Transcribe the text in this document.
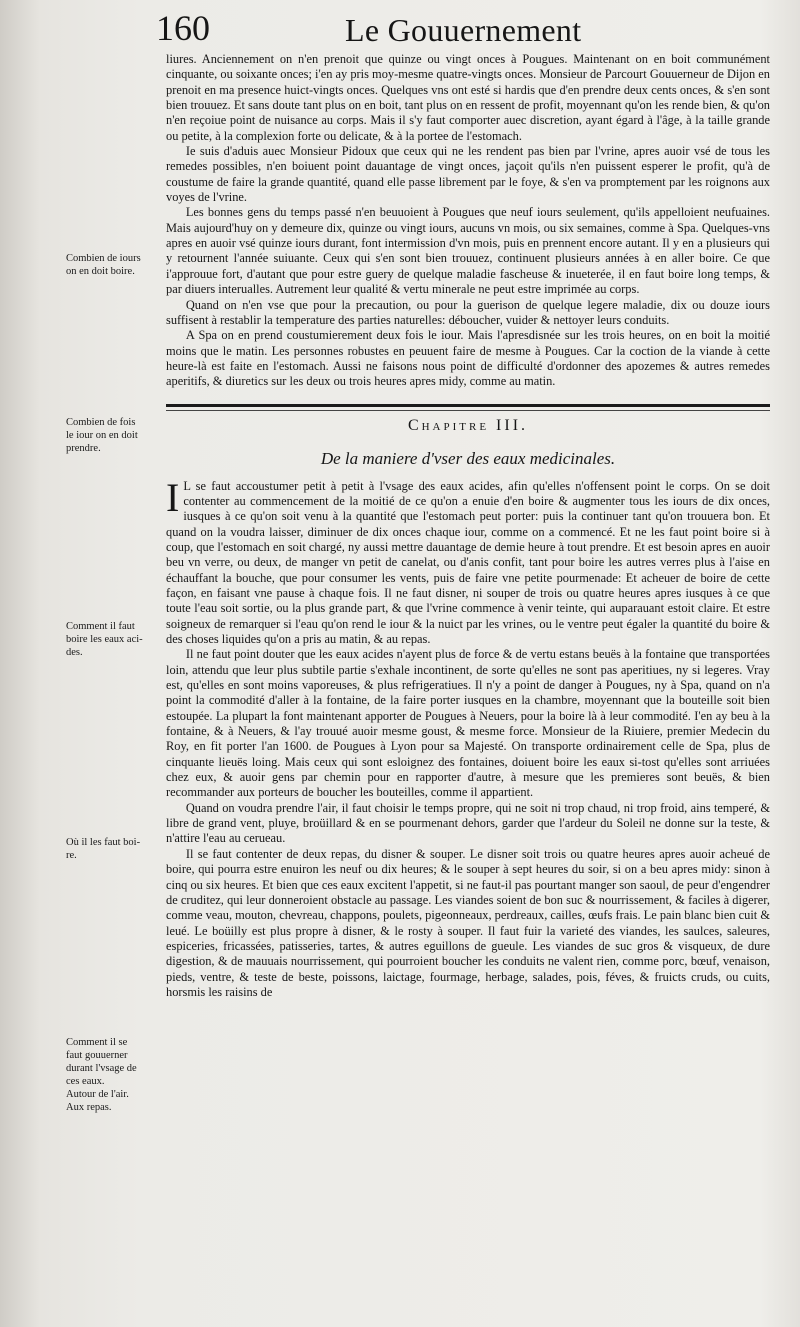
160	Le Gouuernement
Combien de iours
on en doit boire.
Combien de fois
le iour on en doit
prendre.
Comment il faut
boire les eaux aci-
des.
Où il les faut boi-
re.
Comment il se
faut gouuerner
durant l'vsage de
ces eaux.
Autour de l'air.
Aux repas.

liures. Anciennement on n'en prenoit que quinze ou vingt onces à Pougues. Maintenant on en boit communément cinquante, ou soixante onces; i'en ay pris moy-mesme quatre-vingts onces. Monsieur de Parcourt Gouuerneur de Dijon en prenoit en ma presence huict-vingts onces. Quelques vns ont esté si hardis que d'en prendre deux cents onces, & s'en sont bien trouuez. Et sans doute tant plus on en boit, tant plus on en ressent de profit, moyennant qu'on les rende bien, & qu'on n'en reçoiue point de nuisance au corps. Mais il s'y faut comporter auec discretion, ayant égard à l'âge, à la taille grande ou petite, à la complexion forte ou delicate, & à la portee de l'estomach.

Ie suis d'aduis auec Monsieur Pidoux que ceux qui ne les rendent pas bien par l'vrine, apres auoir vsé de tous les remedes possibles, n'en boiuent point dauantage de vingt onces, jaçoit qu'ils n'en puissent esperer le profit, qu'à de coustume de faire la grande quantité, quand elle passe librement par le foye, & s'en va promptement par les roignons aux voyes de l'vrine.

Les bonnes gens du temps passé n'en beuuoient à Pougues que neuf iours seulement, qu'ils appelloient neufuaines. Mais aujourd'huy on y demeure dix, quinze ou vingt iours, aucuns vn mois, ou six semaines, comme à Spa. Quelques-vns apres en auoir vsé quinze iours durant, font intermission d'vn mois, puis en prennent encore autant. Il y en a plusieurs qui y retournent l'année suiuante. Ceux qui s'en sont bien trouuez, continuent plusieurs années à en aller boire. Ce que i'approuue fort, d'autant que pour estre guery de quelque maladie fascheuse & inueterée, il en faut boire long temps, & par diuers interualles. Autrement leur qualité & vertu minerale ne peut estre imprimée au corps.

Quand on n'en vse que pour la precaution, ou pour la guerison de quelque legere maladie, dix ou douze iours suffisent à restablir la temperature des parties naturelles: déboucher, vuider & nettoyer leurs conduits.

A Spa on en prend coustumierement deux fois le iour. Mais l'apresdisnée sur les trois heures, on en boit la moitié moins que le matin. Les personnes robustes en peuuent faire de mesme à Pougues. Car la coction de la viande à cette heure-là est faite en l'estomach. Aussi ne faisons nous point de difficulté d'ordonner des apozemes & autres remedes aperitifs, & diuretics sur les deux ou trois heures apres midy, comme au matin.

Chapitre III.
De la maniere d'vser des eaux medicinales.

I L se faut accoustumer petit à petit à l'vsage des eaux acides, afin qu'elles n'offensent point le corps. On se doit contenter au commencement de la moitié de ce qu'on a enuie d'en boire & augmenter tous les iours de dix onces, iusques à ce qu'on soit venu à la quantité que l'estomach peut porter: puis la continuer tant qu'on trouuera bon. Et quand on la voudra laisser, diminuer de dix onces chaque iour, comme on a commencé. Et ne les faut point boire si à coup, que l'estomach en soit chargé, ny aussi mettre dauantage de demie heure à tout prendre. Et est besoin apres en auoir beu vn verre, ou deux, de manger vn petit de canelat, ou d'anis confit, tant pour boire les autres verres plus à l'aise en échauffant la bouche, que pour consumer les vents, puis de faire vne petite pourmenade: Et acheuer de boire de cette façon, en faisant vne pause à chaque fois. Il ne faut disner, ni souper de trois ou quatre heures apres iusques à ce que toute l'eau soit sortie, ou la plus grande part, & que l'vrine commence à venir teinte, qui auparauant estoit claire. Et estre soigneux de remarquer si l'eau qu'on rend le iour & la nuict par les vrines, ou le ventre peut égaler la quantité du boire & des choses liquides qu'on a pris au matin, & au repas.

Il ne faut point douter que les eaux acides n'ayent plus de force & de vertu estans beuës à la fontaine que transportées loin, attendu que leur plus subtile partie s'exhale incontinent, de sorte qu'elles ne sont pas aperitiues, ny si legeres. Vray est, qu'elles en sont moins vaporeuses, & plus refrigeratiues. Il n'y a point de danger à Pougues, ny à Spa, quand on n'a point la commodité d'aller à la fontaine, de la faire porter iusques en la chambre, moyennant que la bouteille soit bien estoupée. La plupart la font maintenant apporter de Pougues à Neuers, pour la boire là à leur commodité. I'en ay beu à la fontaine, & à Neuers, & l'ay trouué auoir mesme goust, & mesme force. Monsieur de la Riuiere, premier Medecin du Roy, en fit porter l'an 1600. de Pougues à Lyon pour sa Majesté. On transporte ordinairement celle de Spa, plus de cinquante lieuës loing. Mais ceux qui sont esloignez des fontaines, doiuent boire les eaux si-tost qu'elles sont arriuées chez eux, & auoir gens par chemin pour en rapporter d'autre, à mesure que les premieres sont beuës, & bien recommander aux porteurs de boucher les bouteilles, comme il appartient.

Quand on voudra prendre l'air, il faut choisir le temps propre, qui ne soit ni trop chaud, ni trop froid, ains temperé, & libre de grand vent, pluye, broüillard & en se pourmenant dehors, garder que l'ardeur du Soleil ne donne sur la teste, & n'attire l'eau au cerueau.

Il se faut contenter de deux repas, du disner & souper. Le disner soit trois ou quatre heures apres auoir acheué de boire, qui pourra estre enuiron les neuf ou dix heures; & le souper à sept heures du soir, si on a beu apres midy: sinon à cinq ou six heures. Et bien que ces eaux excitent l'appetit, si ne faut-il pas pourtant manger son saoul, de peur d'engendrer de cruditez, qui leur donneroient obstacle au passage. Les viandes soient de bon suc & nourrissement, & faciles à digerer, comme veau, mouton, chevreau, chappons, poulets, pigeonneaux, perdreaux, cailles, œufs frais. Le pain blanc bien cuit & leué. Le boüilly est plus propre à disner, & le rosty à souper. Il faut fuir la varieté des viandes, les saulces, saleures, espiceries, fricassées, patisseries, tartes, & autres eguillons de gueule. Les viandes de suc gros & visqueux, de dure digestion, & de mauuais nourrissement, qui pourroient boucher les conduits ne valent rien, comme porc, bœuf, venaison, pieds, ventre, & teste de beste, poissons, laictage, fourmage, herbage, salades, pois, féves, & fruicts cruds, ou cuits, horsmis les raisins de
